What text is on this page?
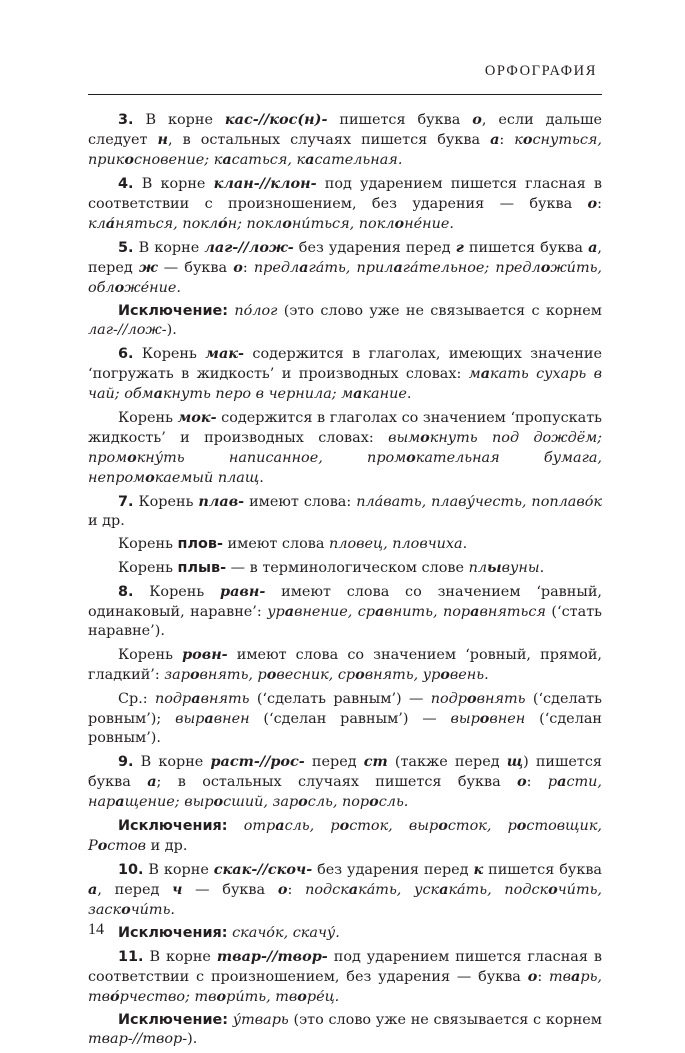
ОРФОГРАФИЯ

3. В корне кас-//кос(н)- пишется буква о, если дальше следует н, в остальных случаях пишется буква а: коснуться, прикосновение; касаться, касательная.

4. В корне клан-//клон- под ударением пишется гласная в соответствии с произношением, без ударения — буква о: кла́няться, покло́н; поклони́ться, поклоне́ние.

5. В корне лаг-//лож- без ударения перед г пишется буква а, перед ж — буква о: предлага́ть, прилага́тельное; предложи́ть, обложе́ние.

Исключение: по́лог (это слово уже не связывается с корнем лаг-//лож-).

6. Корень мак- содержится в глаголах, имеющих значение ‘погружать в жидкость’ и производных словах: макать сухарь в чай; обмакнуть перо в чернила; макание.

Корень мок- содержится в глаголах со значением ‘пропускать жидкость’ и производных словах: вымокнуть под дождём; промокну́ть написанное, промокательная бумага, непромокаемый плащ.

7. Корень плав- имеют слова: пла́вать, плаву́честь, поплаво́к и др.

Корень плов- имеют слова пловец, пловчиха.

Корень плыв- — в терминологическом слове плывуны.

8. Корень равн- имеют слова со значением ‘равный, одинаковый, наравне’: уравнение, сравнить, поравняться (‘стать наравне’).

Корень ровн- имеют слова со значением ‘ровный, прямой, гладкий’: заровнять, ровесник, сровнять, уровень.

Ср.: подравнять (‘сделать равным’) — подровнять (‘сделать ровным’); выравнен (‘сделан равным’) — выровнен (‘сделан ровным’).

9. В корне раст-//рос- перед ст (также перед щ) пишется буква а; в остальных случаях пишется буква о: расти, наращение; выросший, заросль, поросль.

Исключения: отрасль, росток, выросток, ростовщик, Ростов и др.

10. В корне скак-//скоч- без ударения перед к пишется буква а, перед ч — буква о: подскака́ть, ускака́ть, подскочи́ть, заскочи́ть.

Исключения: скачо́к, скачу́.

11. В корне твар-//твор- под ударением пишется гласная в соответствии с произношением, без ударения — буква о: тварь, тво́рчество; твори́ть, творе́ц.

Исключение: у́тварь (это слово уже не связывается с корнем твар-//твор-).

14
